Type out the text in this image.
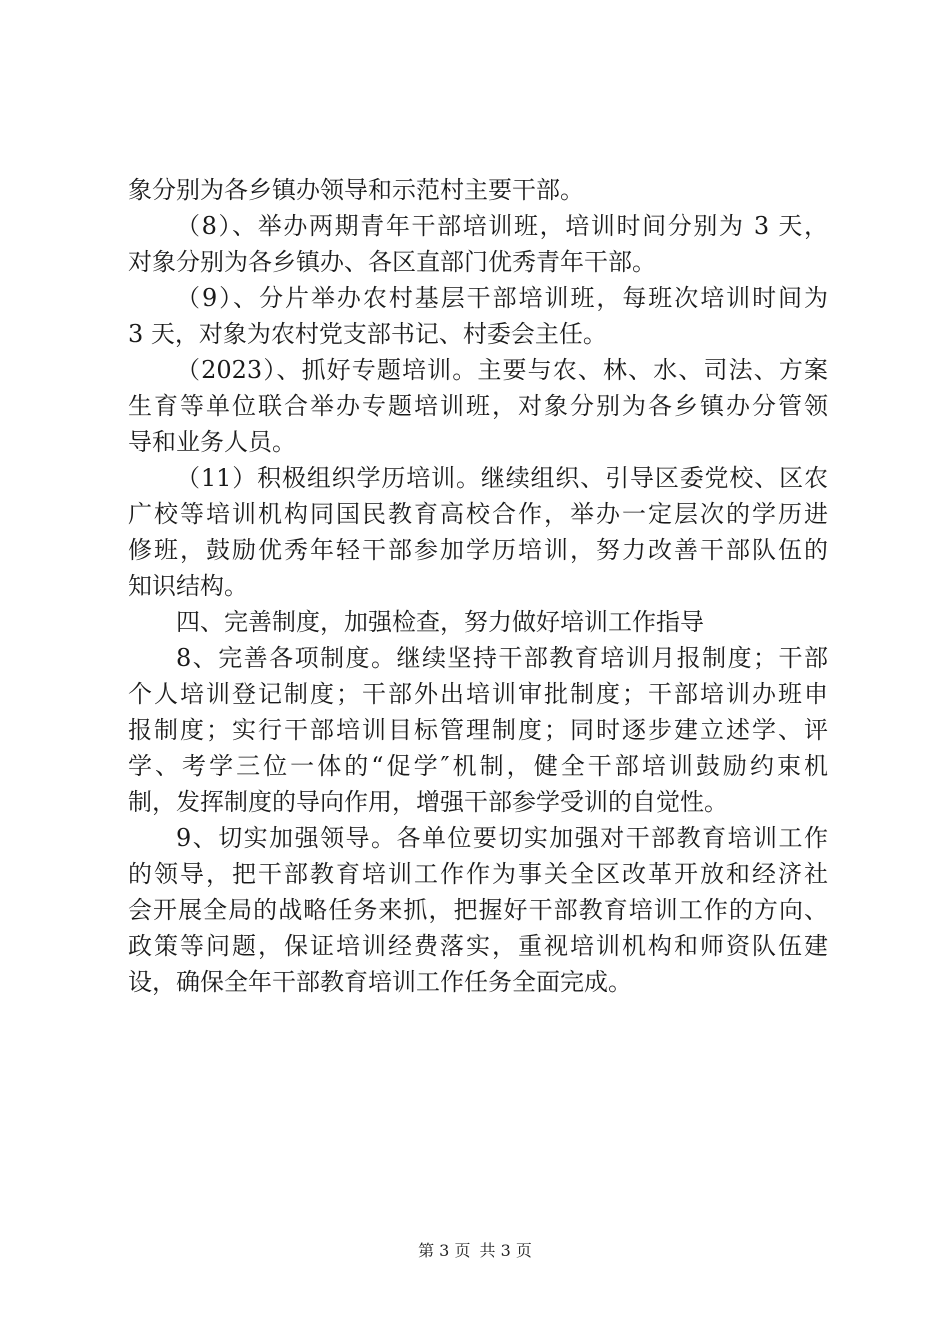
象分别为各乡镇办领导和示范村主要干部。
（8）、举办两期青年干部培训班，培训时间分别为 3 天，
对象分别为各乡镇办、各区直部门优秀青年干部。
（9）、分片举办农村基层干部培训班，每班次培训时间为
3 天，对象为农村党支部书记、村委会主任。
（2023）、抓好专题培训。主要与农、林、水、司法、方案
生育等单位联合举办专题培训班，对象分别为各乡镇办分管领
导和业务人员。
（11）积极组织学历培训。继续组织、引导区委党校、区农
广校等培训机构同国民教育高校合作，举办一定层次的学历进
修班，鼓励优秀年轻干部参加学历培训，努力改善干部队伍的
知识结构。
四、完善制度，加强检查，努力做好培训工作指导
8、完善各项制度。继续坚持干部教育培训月报制度；干部
个人培训登记制度；干部外出培训审批制度；干部培训办班申
报制度；实行干部培训目标管理制度；同时逐步建立述学、评
学、考学三位一体的“促学″机制，健全干部培训鼓励约束机
制，发挥制度的导向作用，增强干部参学受训的自觉性。
9、切实加强领导。各单位要切实加强对干部教育培训工作
的领导，把干部教育培训工作作为事关全区改革开放和经济社
会开展全局的战略任务来抓，把握好干部教育培训工作的方向、
政策等问题，保证培训经费落实，重视培训机构和师资队伍建
设，确保全年干部教育培训工作任务全面完成。
第 3 页 共 3 页
